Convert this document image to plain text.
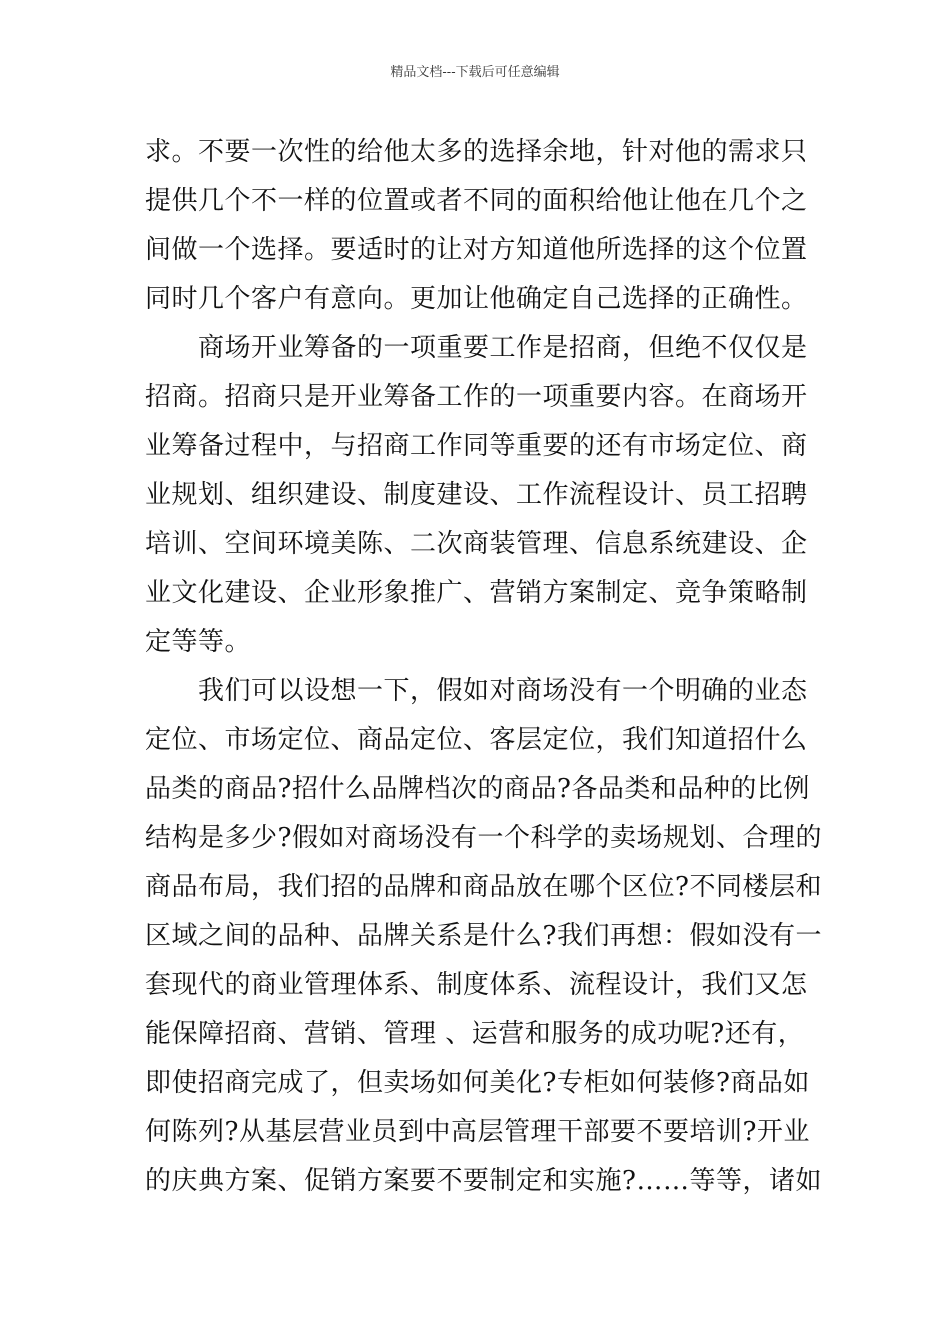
精品文档---下载后可任意编辑
求。不要一次性的给他太多的选择余地，针对他的需求只
提供几个不一样的位置或者不同的面积给他让他在几个之
间做一个选择。要适时的让对方知道他所选择的这个位置
同时几个客户有意向。更加让他确定自己选择的正确性。
商场开业筹备的一项重要工作是招商，但绝不仅仅是
招商。招商只是开业筹备工作的一项重要内容。在商场开
业筹备过程中，与招商工作同等重要的还有市场定位、商
业规划、组织建设、制度建设、工作流程设计、员工招聘
培训、空间环境美陈、二次商装管理、信息系统建设、企
业文化建设、企业形象推广、营销方案制定、竞争策略制
定等等。
我们可以设想一下，假如对商场没有一个明确的业态
定位、市场定位、商品定位、客层定位，我们知道招什么
品类的商品?招什么品牌档次的商品?各品类和品种的比例
结构是多少?假如对商场没有一个科学的卖场规划、合理的
商品布局，我们招的品牌和商品放在哪个区位?不同楼层和
区域之间的品种、品牌关系是什么?我们再想：假如没有一
套现代的商业管理体系、制度体系、流程设计，我们又怎
能保障招商、营销、管理 、运营和服务的成功呢?还有，
即使招商完成了，但卖场如何美化?专柜如何装修?商品如
何陈列?从基层营业员到中高层管理干部要不要培训?开业
的庆典方案、促销方案要不要制定和实施?……等等，诸如
